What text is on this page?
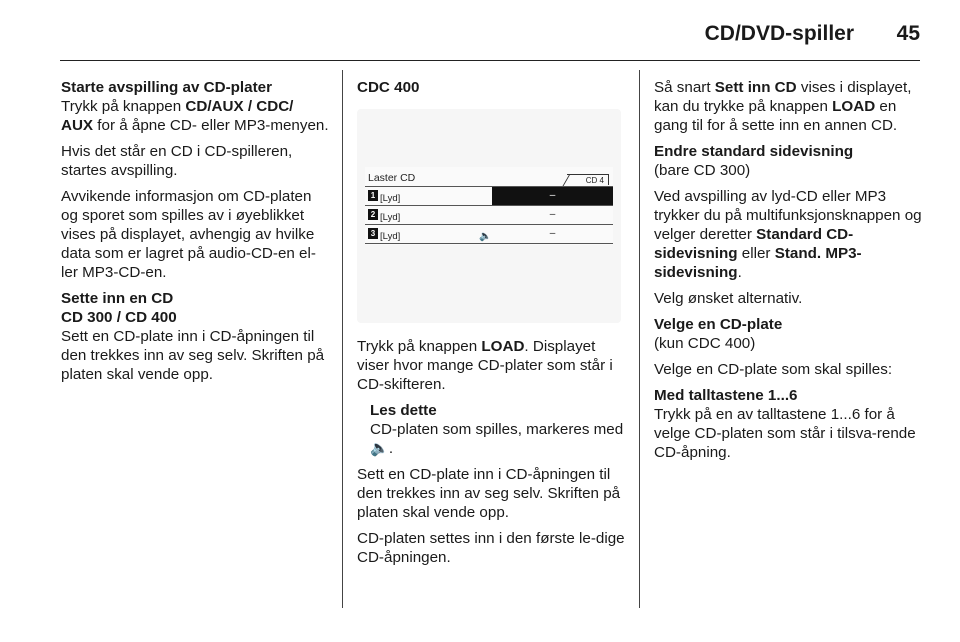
CD/DVD-spiller 45

Starte avspilling av CD-plater

Trykk på knappen CD/AUX / CDC/ AUX for å åpne CD- eller MP3-menyen.

Hvis det står en CD i CD-spilleren, startes avspilling.

Avvikende informasjon om CD-platen og sporet som spilles av i øyeblikket vises på displayet, avhengig av hvilke data som er lagret på audio-CD-en el-ler MP3-CD-en.

Sette inn en CD

CD 300 / CD 400

Sett en CD-plate inn i CD-åpningen til den trekkes inn av seg selv. Skriften på platen skal vende opp.

CDC 400

Laster CD	CD 4
1 [Lyd]	–
2 [Lyd]	–
3 [Lyd]	🔈	–

Trykk på knappen LOAD. Displayet viser hvor mange CD-plater som står i CD-skifteren.

Les dette

CD-platen som spilles, markeres med 🔈.

Sett en CD-plate inn i CD-åpningen til den trekkes inn av seg selv. Skriften på platen skal vende opp.

CD-platen settes inn i den første le-dige CD-åpningen.

Så snart Sett inn CD vises i displayet, kan du trykke på knappen LOAD en gang til for å sette inn en annen CD.

Endre standard sidevisning

(bare CD 300)

Ved avspilling av lyd-CD eller MP3 trykker du på multifunksjonsknappen og velger deretter Standard CD-sidevisning eller Stand. MP3-sidevisning.

Velg ønsket alternativ.

Velge en CD-plate

(kun CDC 400)

Velge en CD-plate som skal spilles:

Med talltastene 1...6

Trykk på en av talltastene 1...6 for å velge CD-platen som står i tilsva-rende CD-åpning.
